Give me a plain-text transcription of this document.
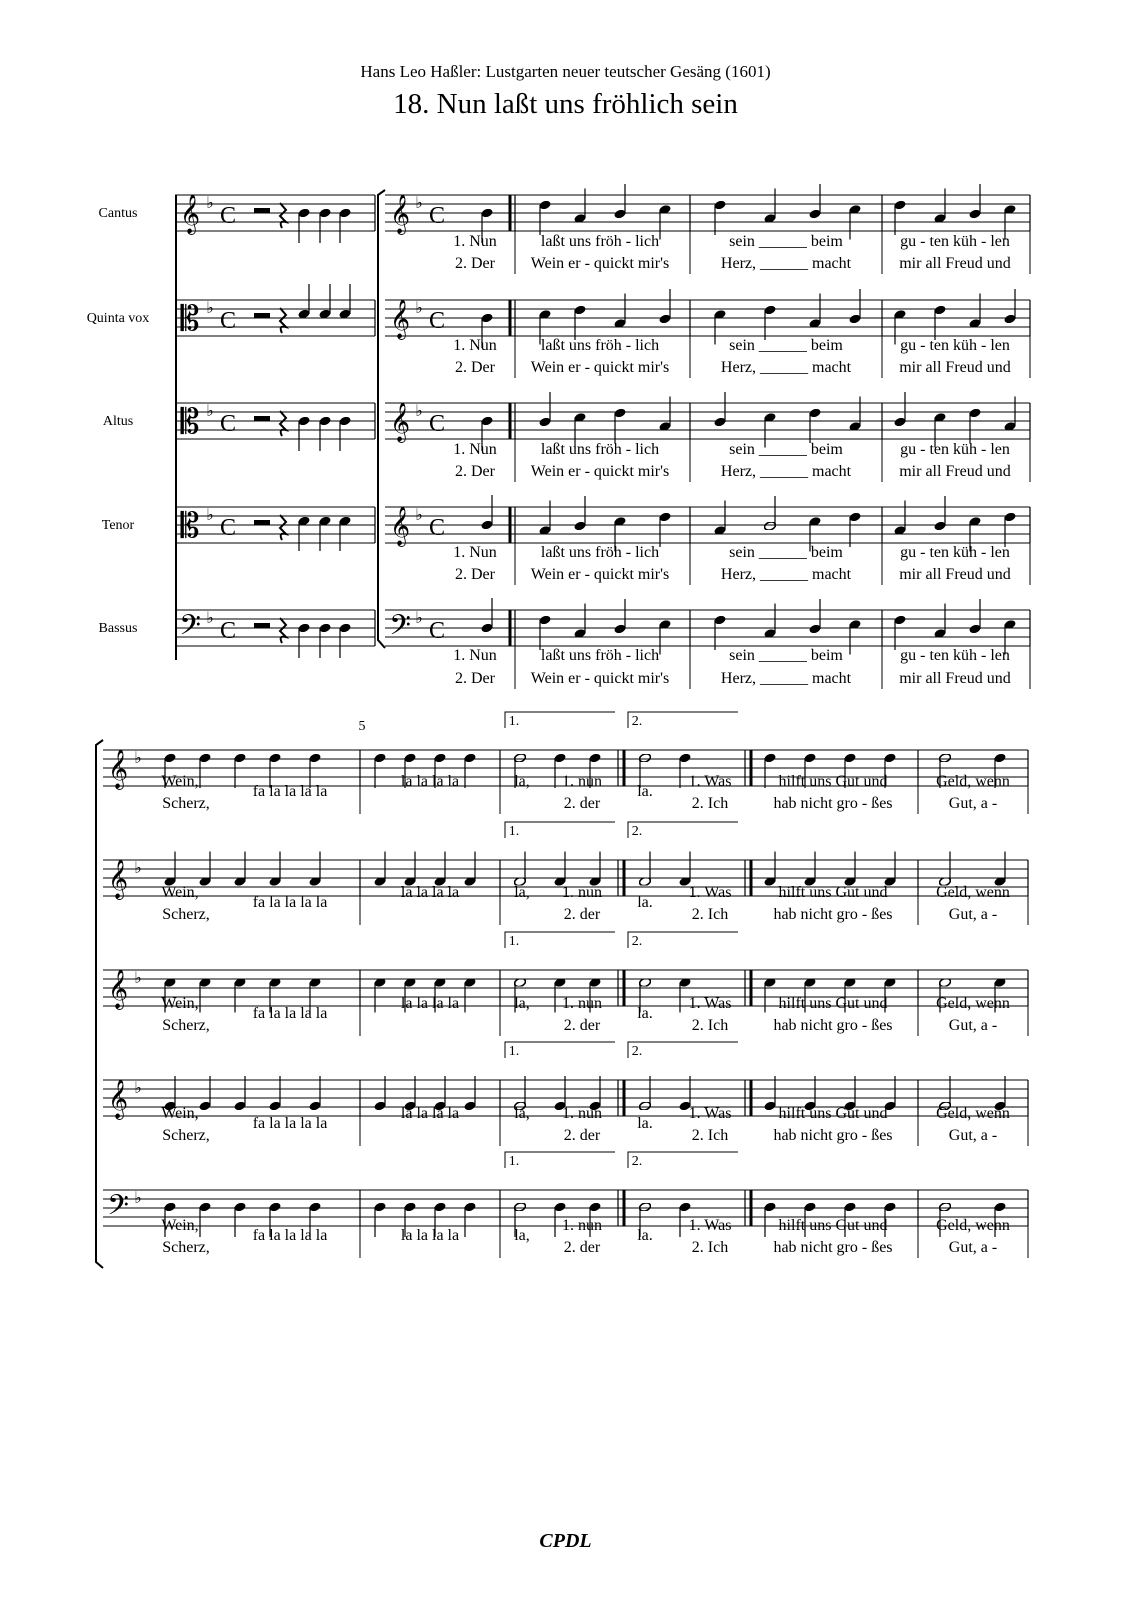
Hans Leo Haßler: Lustgarten neuer teutscher Gesäng (1601)
18. Nun laßt uns fröhlich sein
Cantus 𝄞 ♭ C	𝄞 ♭ C
Quinta vox 𝄡 ♭ C	𝄞 ♭ C
Altus 𝄡 ♭ C	𝄞 ♭ C
Tenor 𝄡 ♭ C	𝄞 ♭ C
Bassus 𝄢 ♭ C	𝄢 ♭ C
𝄞 ♭
1.	2.
𝄞 ♭
1.	2.
𝄞 ♭
1.	2.
𝄞 ♭
1.	2.
𝄢 ♭
1.	2.
5
1. Nun
2. Der
laßt uns fröh - lich
Wein er - quickt mir's
sein ______ beim
Herz, ______ macht
gu - ten küh - len
mir all Freud und
1. Nun
2. Der
laßt uns fröh - lich
Wein er - quickt mir's
sein ______ beim
Herz, ______ macht
gu - ten küh - len
mir all Freud und
1. Nun
2. Der
laßt uns fröh - lich
Wein er - quickt mir's
sein ______ beim
Herz, ______ macht
gu - ten küh - len
mir all Freud und
1. Nun
2. Der
laßt uns fröh - lich
Wein er - quickt mir's
sein ______ beim
Herz, ______ macht
gu - ten küh - len
mir all Freud und
1. Nun
2. Der
laßt uns fröh - lich
Wein er - quickt mir's
sein ______ beim
Herz, ______ macht
gu - ten küh - len
mir all Freud und
Wein,
Scherz,
fa la la la la
la la la la	la, 1. nun
2. der
la.
1. Was
2. Ich
hilft uns Gut und
hab nicht gro - ßes
Geld, wenn
Gut, a -
Wein,
Scherz,
fa la la la la
la la la la	la, 1. nun
2. der
la.
1. Was
2. Ich
hilft uns Gut und
hab nicht gro - ßes
Geld, wenn
Gut, a -
Wein,
Scherz,
fa la la la la
la la la la	la, 1. nun
2. der
la.
1. Was
2. Ich
hilft uns Gut und
hab nicht gro - ßes
Geld, wenn
Gut, a -
Wein,
Scherz,
fa la la la la
la la la la	la, 1. nun
2. der
la.
1. Was
2. Ich
hilft uns Gut und
hab nicht gro - ßes
Geld, wenn
Gut, a -
Wein,
Scherz,
fa la la la la	la la la la	la,
1. nun
2. der
la.
1. Was
2. Ich
hilft uns Gut und
hab nicht gro - ßes
Geld, wenn
Gut, a -
CPDL
